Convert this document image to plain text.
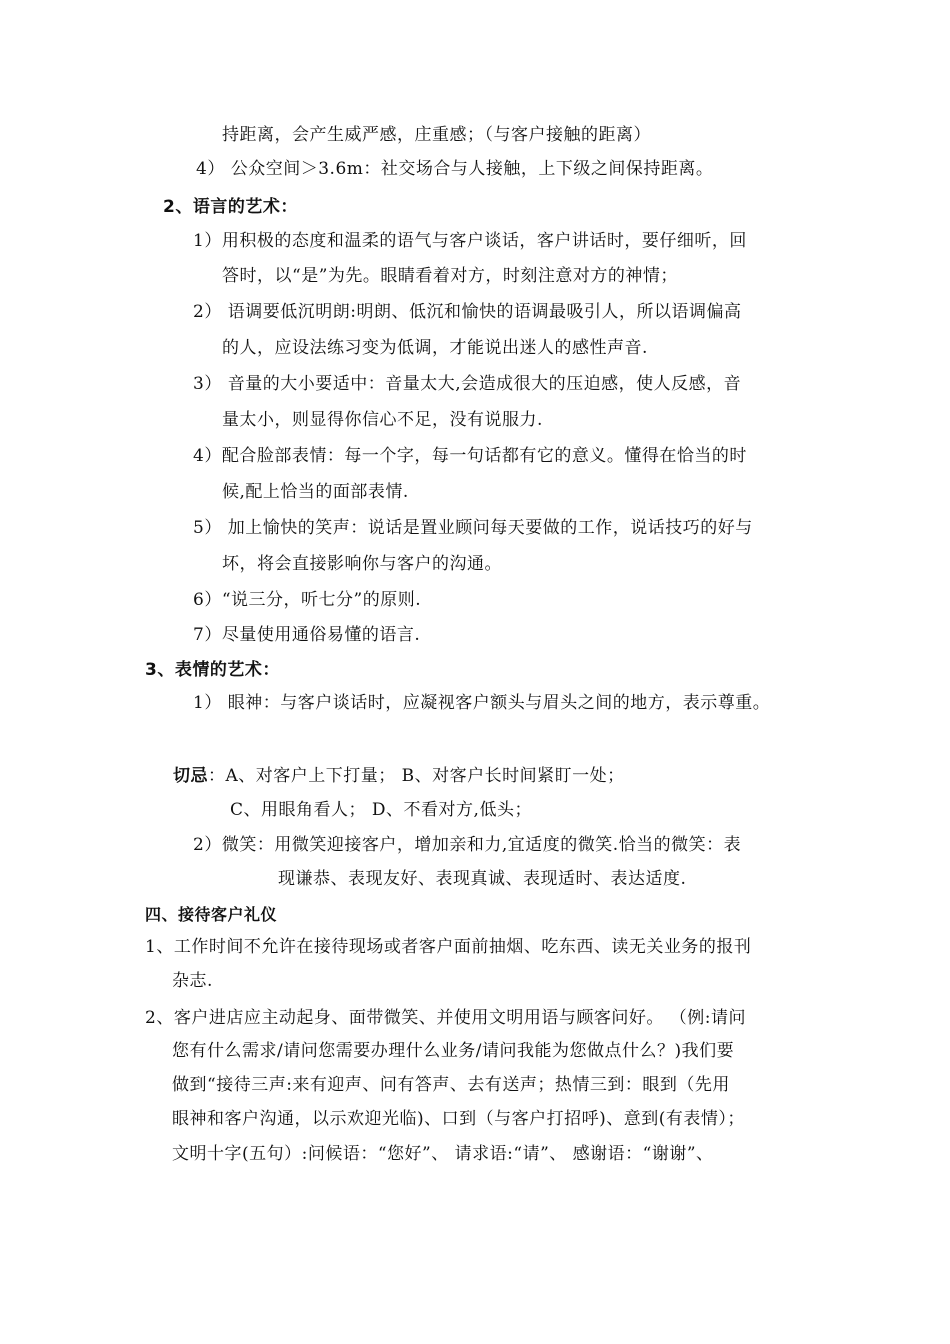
持距离，会产生威严感，庄重感；（与客户接触的距离）
4） 公众空间＞3.6m：社交场合与人接触，上下级之间保持距离。
2、语言的艺术：
1）用积极的态度和温柔的语气与客户谈话，客户讲话时，要仔细听，回
答时，以“是”为先。眼睛看着对方，时刻注意对方的神情；
2） 语调要低沉明朗:明朗、低沉和愉快的语调最吸引人，所以语调偏高
的人，应设法练习变为低调，才能说出迷人的感性声音.
3） 音量的大小要适中：音量太大,会造成很大的压迫感，使人反感，音
量太小，则显得你信心不足，没有说服力.
4）配合脸部表情：每一个字，每一句话都有它的意义。懂得在恰当的时
候,配上恰当的面部表情.
5） 加上愉快的笑声：说话是置业顾问每天要做的工作，说话技巧的好与
坏，将会直接影响你与客户的沟通。
6）“说三分，听七分”的原则.
7）尽量使用通俗易懂的语言.
3、表情的艺术：
1） 眼神：与客户谈话时，应凝视客户额头与眉头之间的地方，表示尊重。
切忌：A、对客户上下打量； B、对客户长时间紧盯一处；
C、用眼角看人； D、不看对方,低头；
2）微笑：用微笑迎接客户，增加亲和力,宜适度的微笑.恰当的微笑：表
现谦恭、表现友好、表现真诚、表现适时、表达适度.
四、接待客户礼仪
1、工作时间不允许在接待现场或者客户面前抽烟、吃东西、读无关业务的报刊
杂志.
2、客户进店应主动起身、面带微笑、并使用文明用语与顾客问好。 （例:请问
您有什么需求/请问您需要办理什么业务/请问我能为您做点什么？)我们要
做到“接待三声:来有迎声、问有答声、去有送声；热情三到：眼到（先用
眼神和客户沟通，以示欢迎光临)、口到（与客户打招呼)、意到(有表情）；
文明十字(五句）:问候语：“您好”、 请求语:“请”、 感谢语：“谢谢”、
